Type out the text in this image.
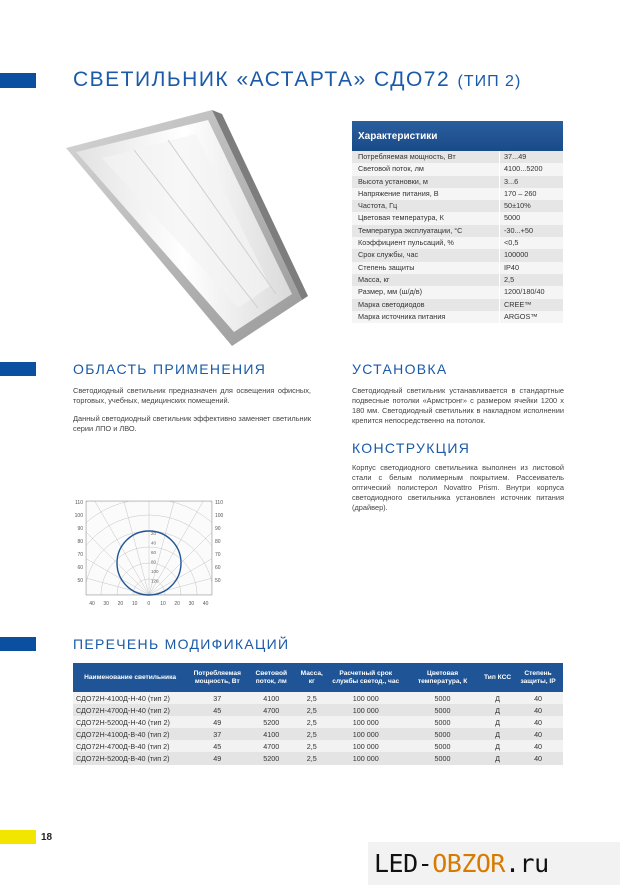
СВЕТИЛЬНИК «АСТАРТА» СДО72 (ТИП 2)
Характеристики
Потребляемая мощность, Вт	37...49
Световой поток, лм	4100...5200
Высота установки, м	3...6
Напряжение питания, В	170 – 260
Частота, Гц	50±10%
Цветовая температура, К	5000
Температура эксплуатации, °С	-30...+50
Коэффициент пульсаций, %	<0,5
Срок службы, час	100000
Степень защиты	IP40
Масса, кг	2,5
Размер, мм (ш/д/в)	1200/180/40
Марка светодиодов	CREE™
Марка источника питания	ARGOS™
ОБЛАСТЬ ПРИМЕНЕНИЯ
Светодиодный светильник предназначен для освещения офисных, торговых, учебных, медицинских помещений.
Данный светодиодный светильник эффективно заменяет светильник серии ЛПО и ЛВО.
УСТАНОВКА
Светодиодный светильник устанавливается в стандартные подвесные потолки «Армстронг» с размером ячейки 1200 х 180 мм. Светодиодный светильник в накладном исполнении крепится непосредственно на потолок.
КОНСТРУКЦИЯ
Корпус светодиодного светильника выполнен из листовой стали с белым полимерным покрытием. Рассеиватель оптический полистерол Novattro Prism. Внутри корпуса светодиодного светильника установлен источник питания (драйвер).
110
100
90
80
70
60
50
110
100
90
80
70
60
50
20
40
60
80
100
120
40 30 20 10 0 10 20 30 40
ПЕРЕЧЕНЬ МОДИФИКАЦИЙ
Наименование светильника	Потребляемая мощность, Вт	Световой поток, лм	Масса, кг	Расчетный срок службы светод., час	Цветовая температура, К	Тип КСС	Степень защиты, IP
СДО72Н-4100Д-Н-40 (тип 2)	37	4100	2,5	100 000	5000	Д	40
СДО72Н-4700Д-Н-40 (тип 2)	45	4700	2,5	100 000	5000	Д	40
СДО72Н-5200Д-Н-40 (тип 2)	49	5200	2,5	100 000	5000	Д	40
СДО72Н-4100Д-В-40 (тип 2)	37	4100	2,5	100 000	5000	Д	40
СДО72Н-4700Д-В-40 (тип 2)	45	4700	2,5	100 000	5000	Д	40
СДО72Н-5200Д-В-40 (тип 2)	49	5200	2,5	100 000	5000	Д	40
18
LED-OBZOR.ru
